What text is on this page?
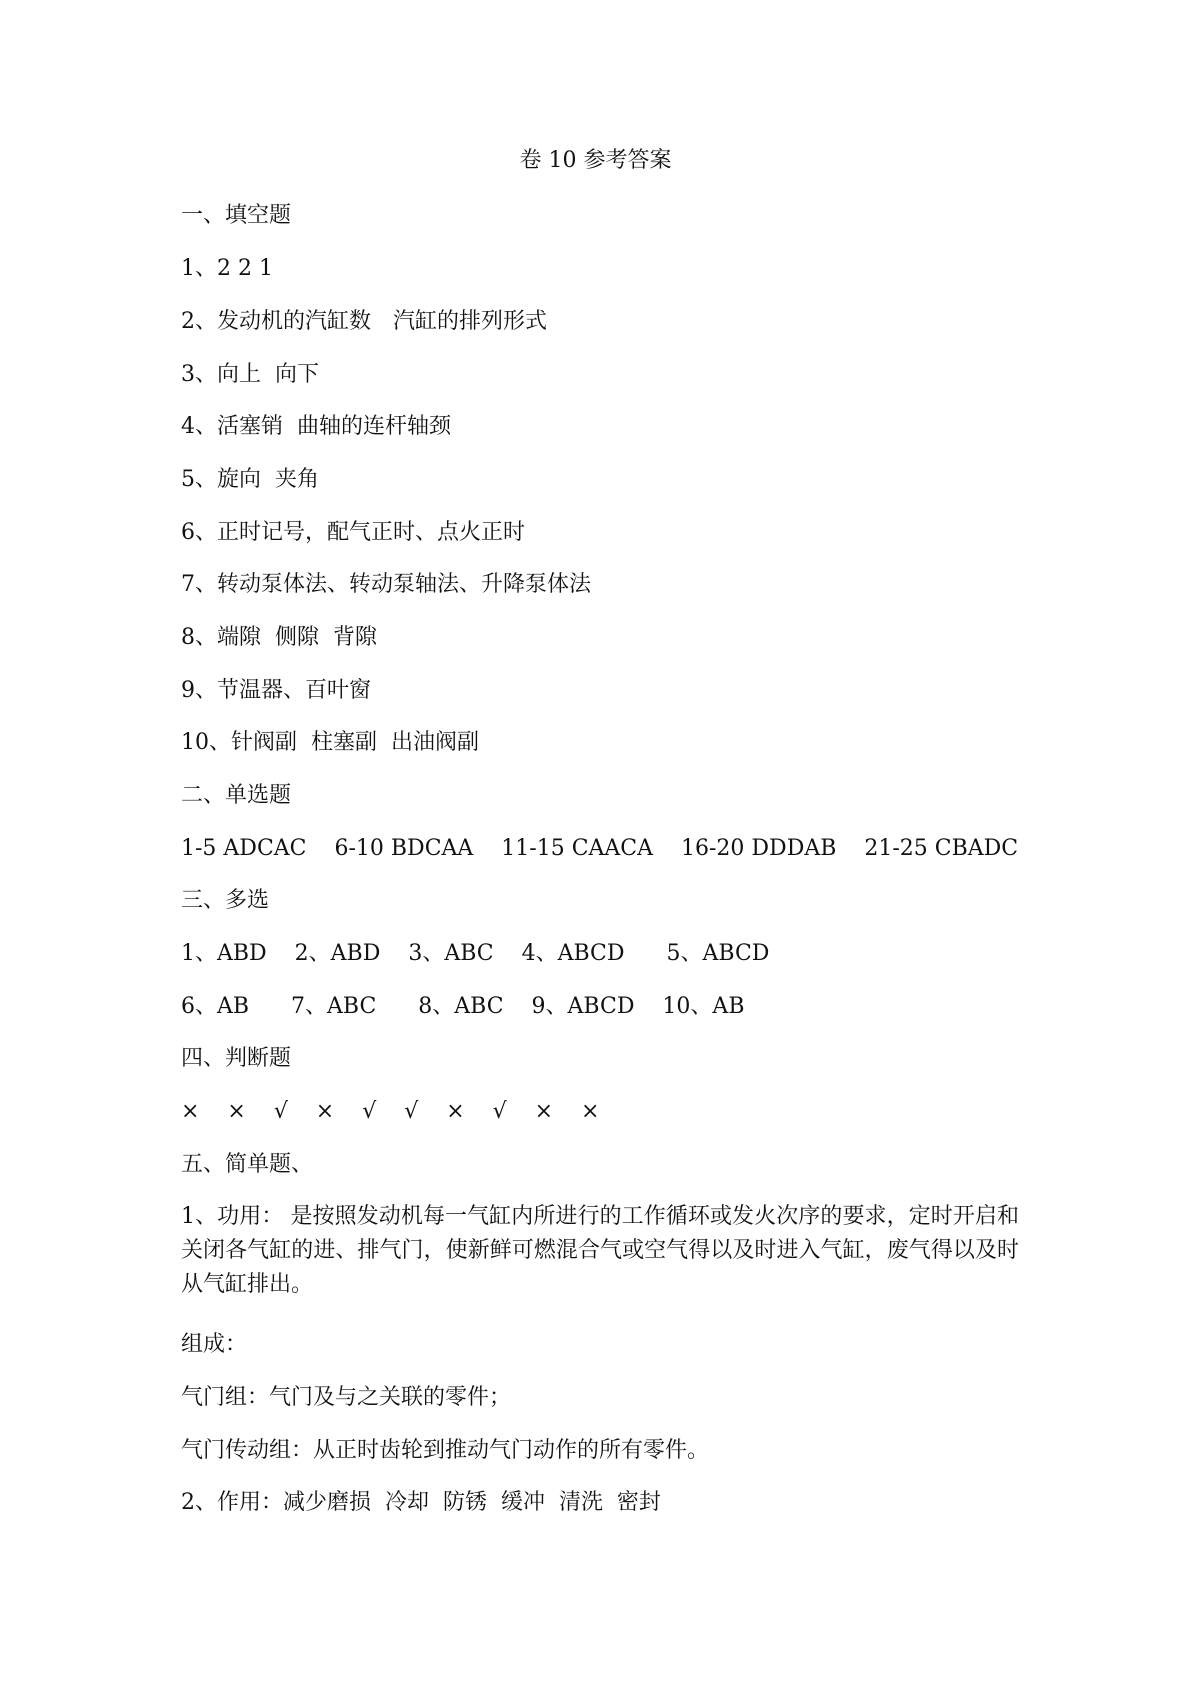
卷 10 参考答案
一、填空题
1、2 2 1
2、发动机的汽缸数　汽缸的排列形式
3、向上  向下
4、活塞销  曲轴的连杆轴颈
5、旋向  夹角
6、正时记号，配气正时、点火正时
7、转动泵体法、转动泵轴法、升降泵体法
8、端隙  侧隙  背隙
9、节温器、百叶窗
10、针阀副  柱塞副  出油阀副
二、单选题
1-5 ADCAC    6-10 BDCAA    11-15 CAACA    16-20 DDDAB    21-25 CBADC
三、多选
1、ABD    2、ABD    3、ABC    4、ABCD      5、ABCD
6、AB      7、ABC      8、ABC    9、ABCD    10、AB
四、判断题
×    ×    √    ×    √    √    ×    √    ×    ×
五、简单题、
1、功用： 是按照发动机每一气缸内所进行的工作循环或发火次序的要求，定时开启和关闭各气缸的进、排气门，使新鲜可燃混合气或空气得以及时进入气缸，废气得以及时从气缸排出。
组成：
气门组：气门及与之关联的零件；
气门传动组：从正时齿轮到推动气门动作的所有零件。
2、作用：减少磨损  冷却  防锈  缓冲  清洗  密封
